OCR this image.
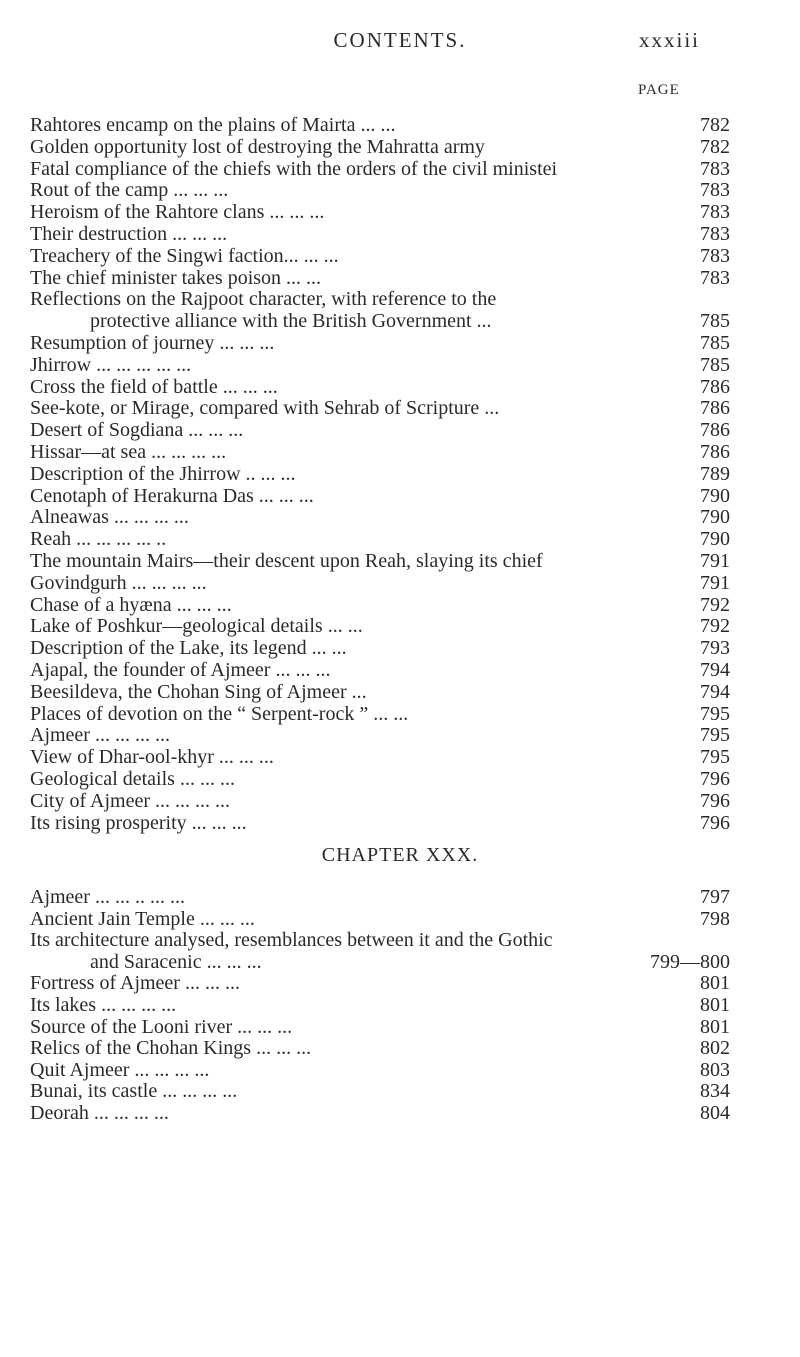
CONTENTS.	xxxiii
PAGE
Rahtores encamp on the plains of Mairta ... ...	782
Golden opportunity lost of destroying the Mahratta army	782
Fatal compliance of the chiefs with the orders of the civil ministei	783
Rout of the camp ... ... ...	783
Heroism of the Rahtore clans ... ... ...	783
Their destruction ... ... ...	783
Treachery of the Singwi faction... ... ...	783
The chief minister takes poison ... ...	783
Reflections on the Rajpoot character, with reference to the
protective alliance with the British Government ...	785
Resumption of journey ... ... ...	785
Jhirrow ... ... ... ... ...	785
Cross the field of battle ... ... ...	786
See-kote, or Mirage, compared with Sehrab of Scripture ...	786
Desert of Sogdiana ... ... ...	786
Hissar—at sea ... ... ... ...	786
Description of the Jhirrow .. ... ...	789
Cenotaph of Herakurna Das ... ... ...	790
Alneawas ... ... ... ...	790
Reah ... ... ... ... ..	790
The mountain Mairs—their descent upon Reah, slaying its chief	791
Govindgurh ... ... ... ...	791
Chase of a hyæna ... ... ...	792
Lake of Poshkur—geological details ... ...	792
Description of the Lake, its legend ... ...	793
Ajapal, the founder of Ajmeer ... ... ...	794
Beesildeva, the Chohan Sing of Ajmeer ...	794
Places of devotion on the “ Serpent-rock ” ... ...	795
Ajmeer ... ... ... ...	795
View of Dhar-ool-khyr ... ... ...	795
Geological details ... ... ...	796
City of Ajmeer ... ... ... ...	796
Its rising prosperity ... ... ...	796
CHAPTER XXX.
Ajmeer ... ... .. ... ...	797
Ancient Jain Temple ... ... ...	798
Its architecture analysed, resemblances between it and the Gothic
and Saracenic ... ... ...	799—800
Fortress of Ajmeer ... ... ...	801
Its lakes ... ... ... ...	801
Source of the Looni river ... ... ...	801
Relics of the Chohan Kings ... ... ...	802
Quit Ajmeer ... ... ... ...	803
Bunai, its castle ... ... ... ...	834
Deorah ... ... ... ...	804
